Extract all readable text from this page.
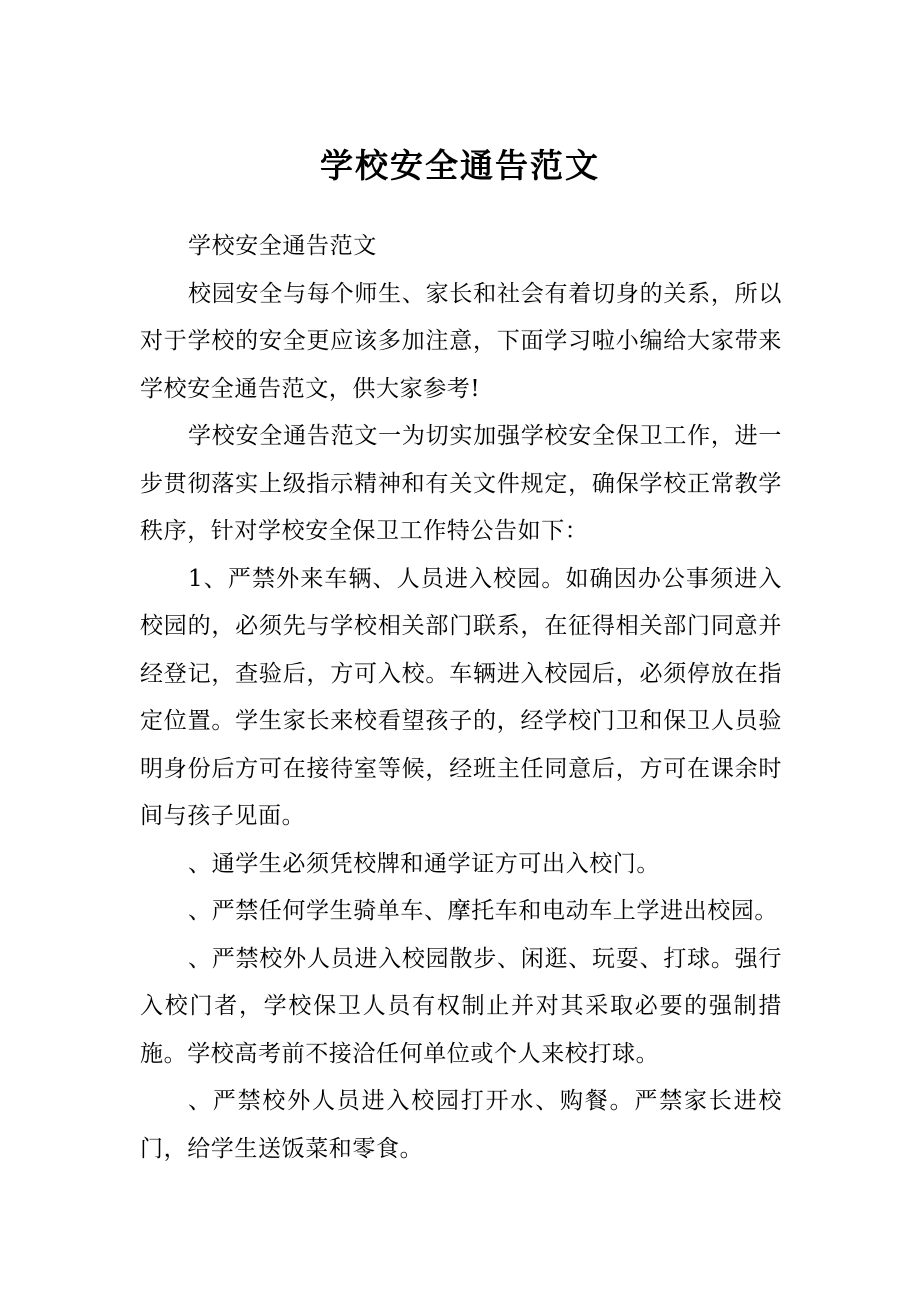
学校安全通告范文

学校安全通告范文

校园安全与每个师生、家长和社会有着切身的关系，所以对于学校的安全更应该多加注意，下面学习啦小编给大家带来学校安全通告范文，供大家参考!

学校安全通告范文一为切实加强学校安全保卫工作，进一步贯彻落实上级指示精神和有关文件规定，确保学校正常教学秩序，针对学校安全保卫工作特公告如下：

1、严禁外来车辆、人员进入校园。如确因办公事须进入校园的，必须先与学校相关部门联系，在征得相关部门同意并经登记，查验后，方可入校。车辆进入校园后，必须停放在指定位置。学生家长来校看望孩子的，经学校门卫和保卫人员验明身份后方可在接待室等候，经班主任同意后，方可在课余时间与孩子见面。

、通学生必须凭校牌和通学证方可出入校门。

、严禁任何学生骑单车、摩托车和电动车上学进出校园。

、严禁校外人员进入校园散步、闲逛、玩耍、打球。强行入校门者，学校保卫人员有权制止并对其采取必要的强制措施。学校高考前不接洽任何单位或个人来校打球。

、严禁校外人员进入校园打开水、购餐。严禁家长进校门，给学生送饭菜和零食。
